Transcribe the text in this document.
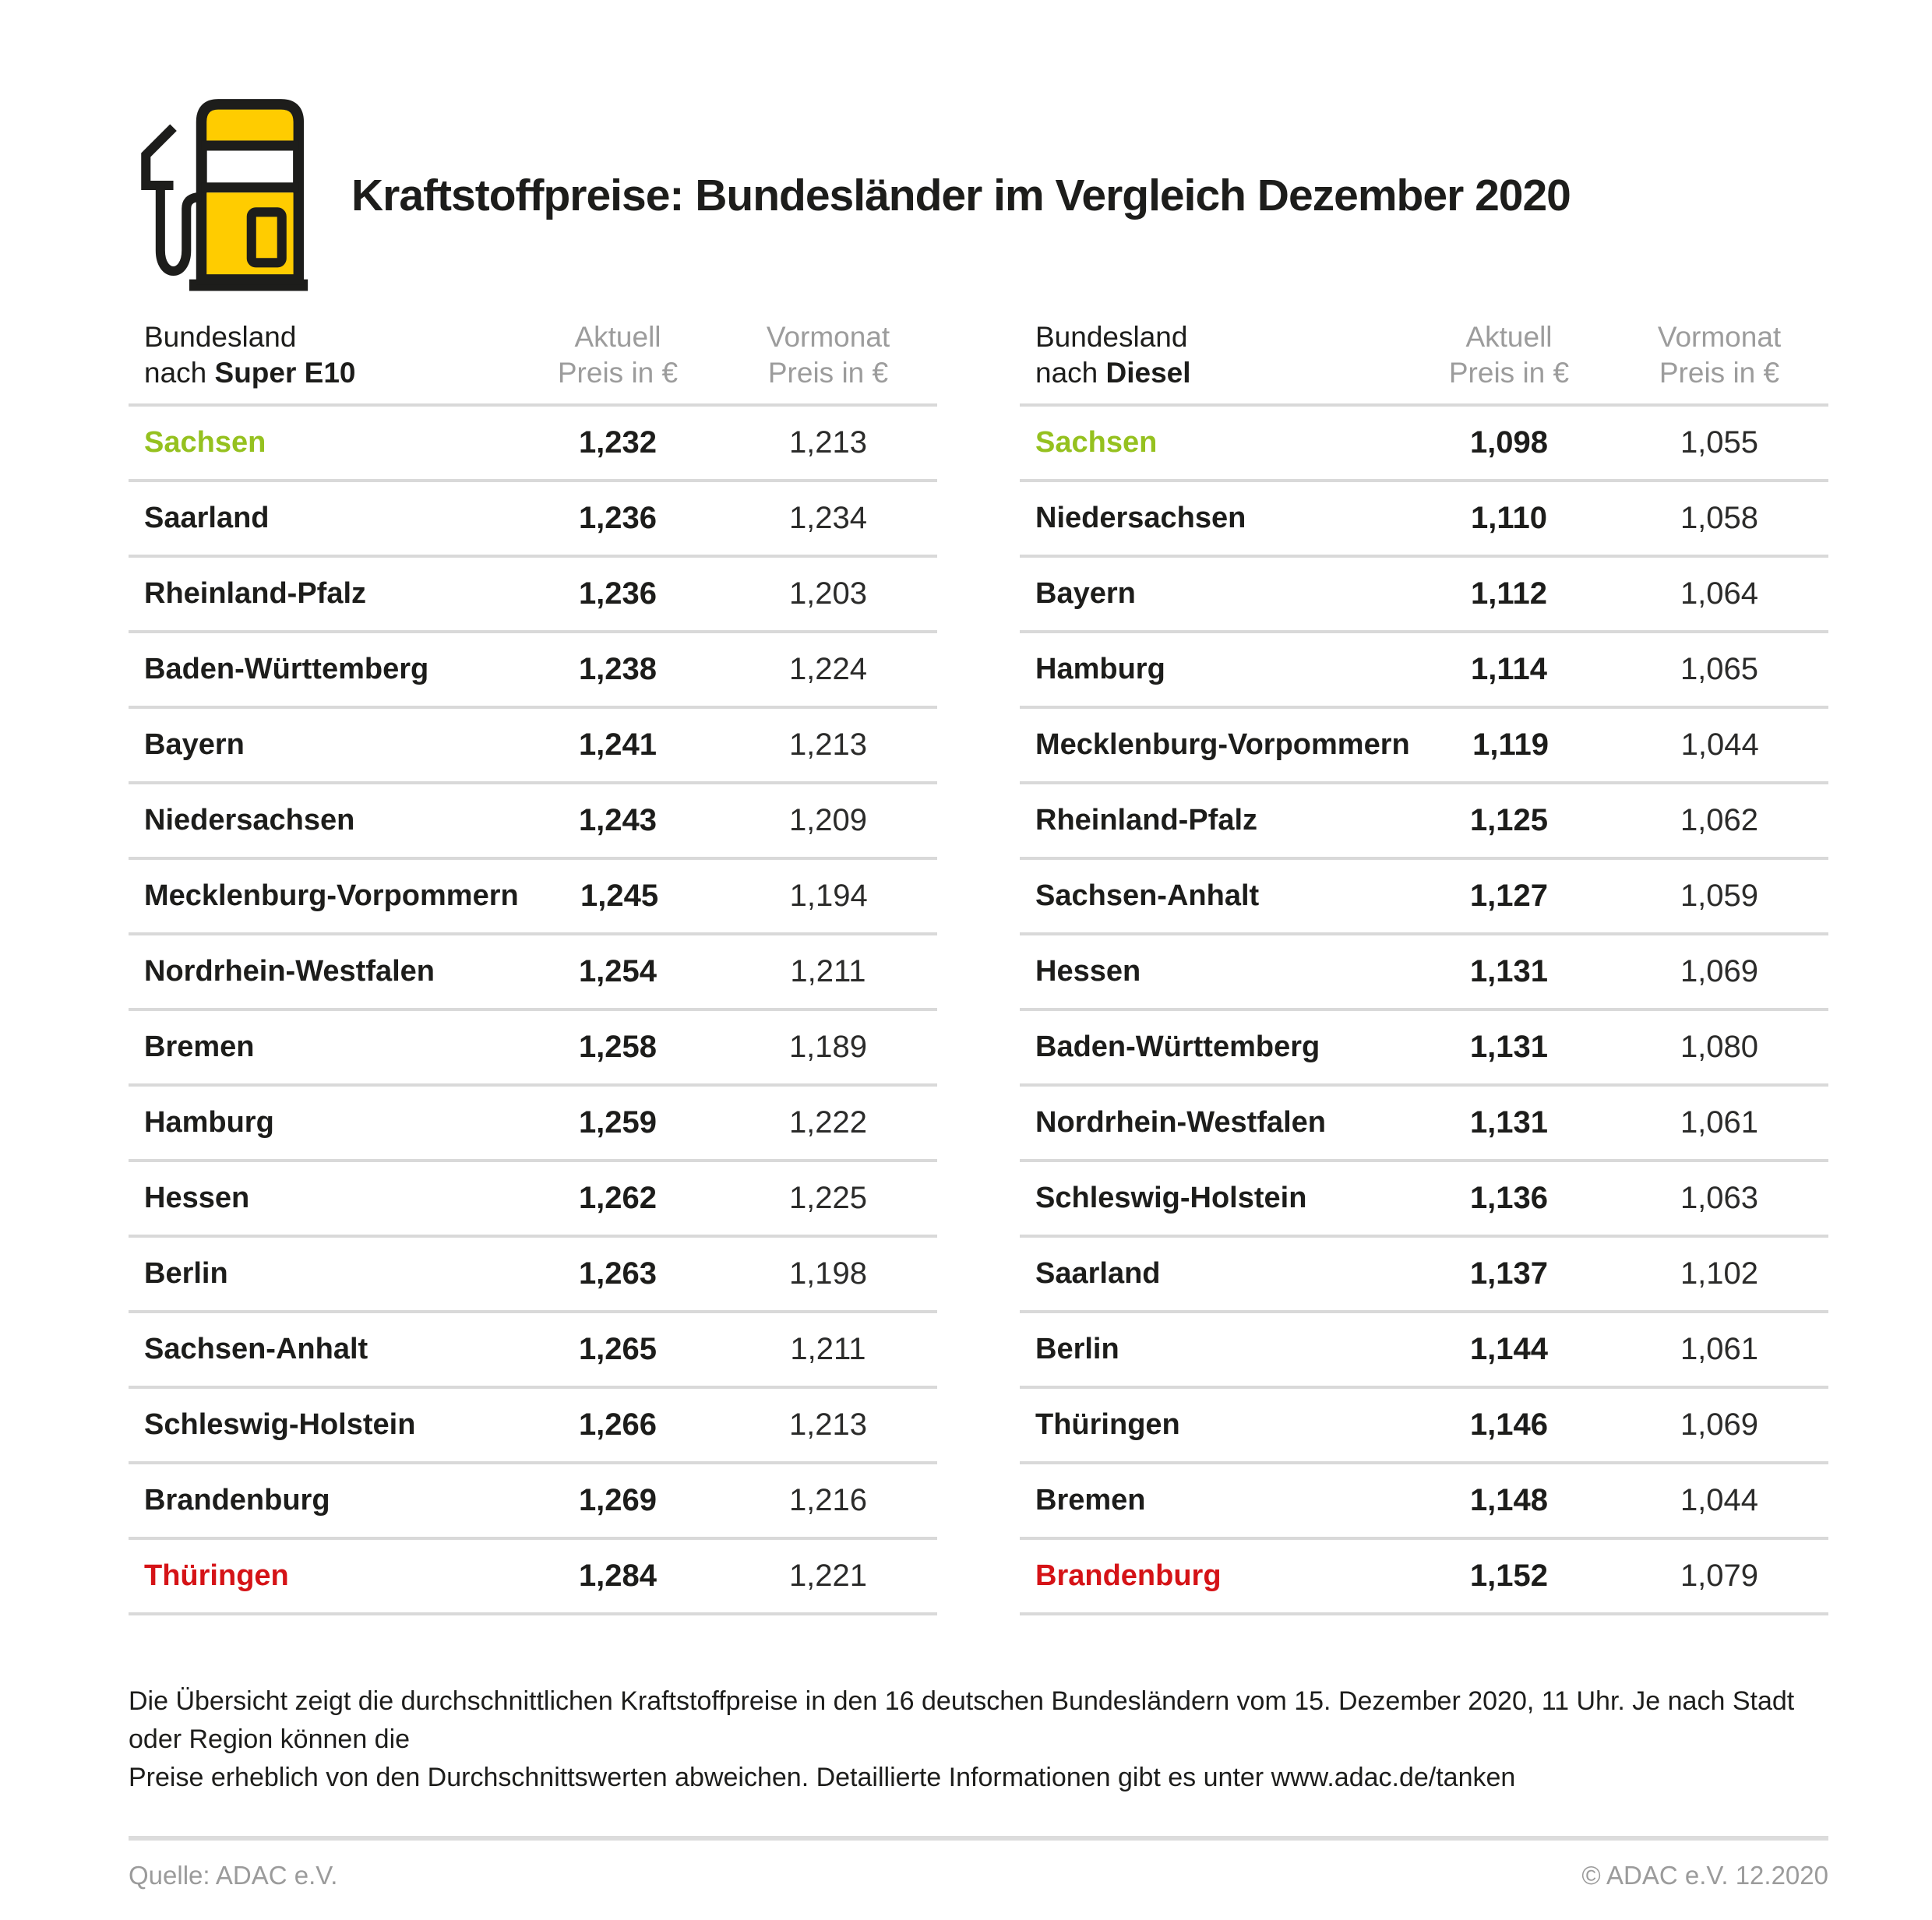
Kraftstoffpreise: Bundesländer im Vergleich Dezember 2020
Bundesland
nach Super E10
Aktuell
Preis in €
Vormonat
Preis in €
Sachsen	1,232	1,213
Saarland	1,236	1,234
Rheinland-Pfalz	1,236	1,203
Baden-Württemberg	1,238	1,224
Bayern	1,241	1,213
Niedersachsen	1,243	1,209
Mecklenburg-Vorpommern	1,245	1,194
Nordrhein-Westfalen	1,254	1,211
Bremen	1,258	1,189
Hamburg	1,259	1,222
Hessen	1,262	1,225
Berlin	1,263	1,198
Sachsen-Anhalt	1,265	1,211
Schleswig-Holstein	1,266	1,213
Brandenburg	1,269	1,216
Thüringen	1,284	1,221
Bundesland
nach Diesel
Aktuell
Preis in €
Vormonat
Preis in €
Sachsen	1,098	1,055
Niedersachsen	1,110	1,058
Bayern	1,112	1,064
Hamburg	1,114	1,065
Mecklenburg-Vorpommern	1,119	1,044
Rheinland-Pfalz	1,125	1,062
Sachsen-Anhalt	1,127	1,059
Hessen	1,131	1,069
Baden-Württemberg	1,131	1,080
Nordrhein-Westfalen	1,131	1,061
Schleswig-Holstein	1,136	1,063
Saarland	1,137	1,102
Berlin	1,144	1,061
Thüringen	1,146	1,069
Bremen	1,148	1,044
Brandenburg	1,152	1,079
Die Übersicht zeigt die durchschnittlichen Kraftstoffpreise in den 16 deutschen Bundesländern vom 15. Dezember 2020, 11 Uhr. Je nach Stadt oder Region können die
Preise erheblich von den Durchschnittswerten abweichen. Detaillierte Informationen gibt es unter www.adac.de/tanken
Quelle: ADAC e.V.	© ADAC e.V. 12.2020
